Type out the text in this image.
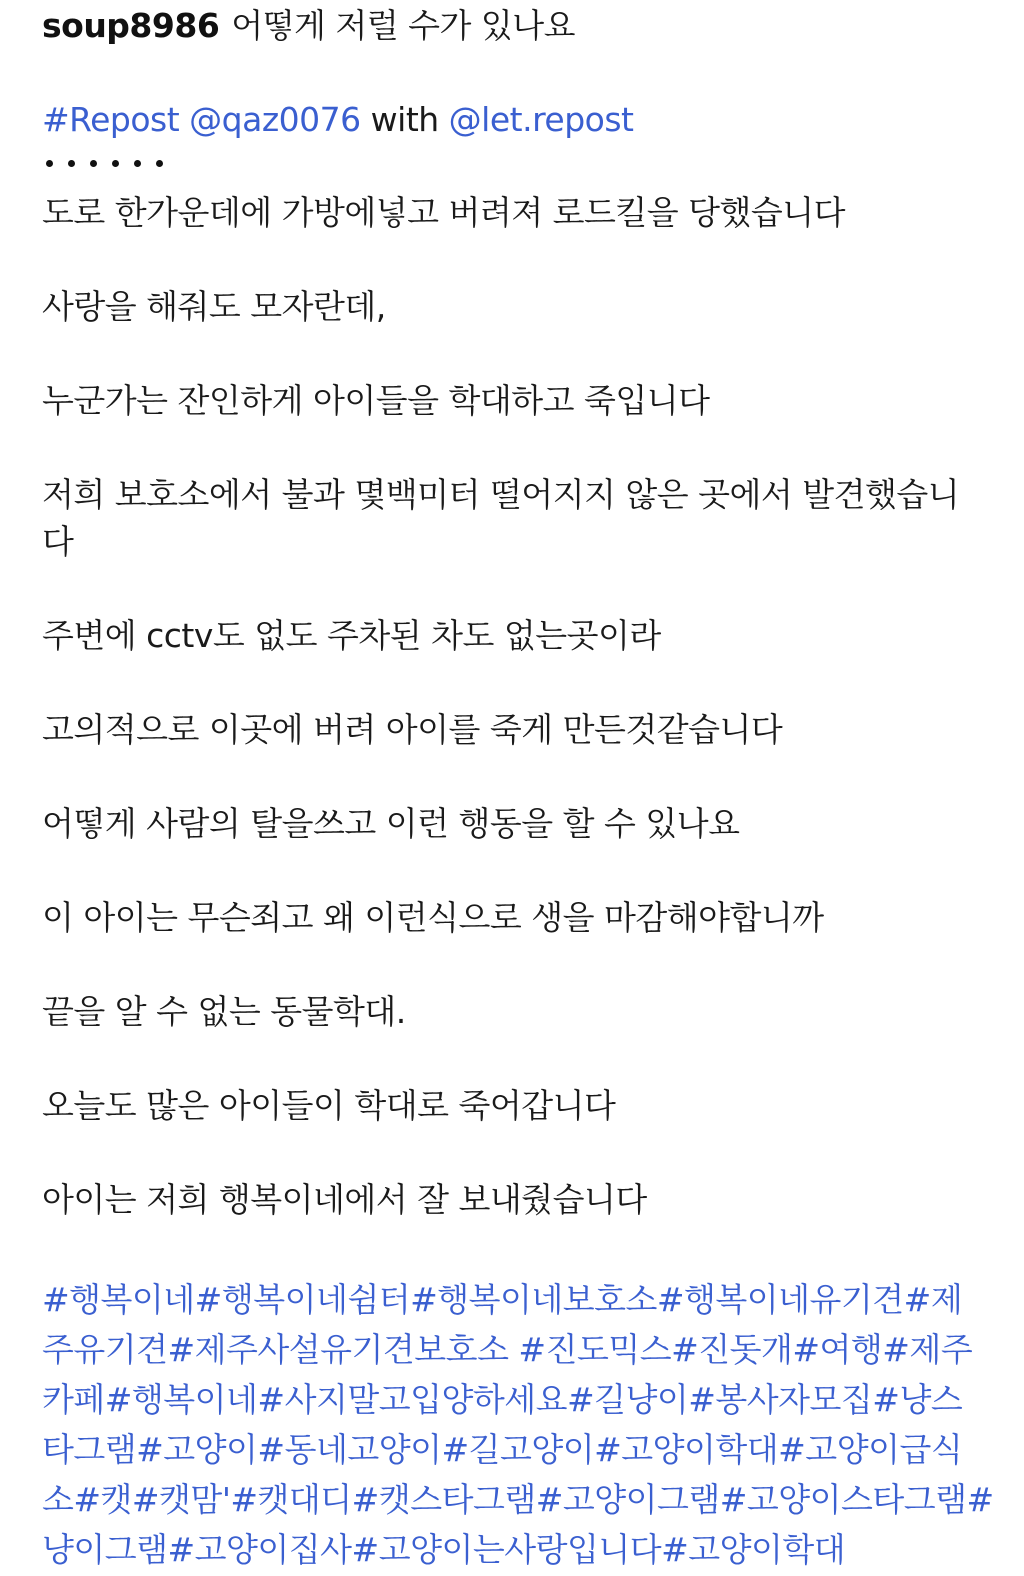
soup8986 어떻게 저럴 수가 있나요
#Repost @qaz0076 with @let.repost
도로 한가운데에 가방에넣고 버려져 로드킬을 당했습니다
사랑을 해줘도 모자란데,
누군가는 잔인하게 아이들을 학대하고 죽입니다
저희 보호소에서 불과 몇백미터 떨어지지 않은 곳에서 발견했습니
다
주변에 cctv도 없도 주차된 차도 없는곳이라
고의적으로 이곳에 버려 아이를 죽게 만든것같습니다
어떻게 사람의 탈을쓰고 이런 행동을 할 수 있나요
이 아이는 무슨죄고 왜 이런식으로 생을 마감해야합니까
끝을 알 수 없는 동물학대.
오늘도 많은 아이들이 학대로 죽어갑니다
아이는 저희 행복이네에서 잘 보내줬습니다
#행복이네#행복이네쉼터#행복이네보호소#행복이네유기견#제
주유기견#제주사설유기견보호소 #진도믹스#진돗개#여행#제주
카페#행복이네#사지말고입양하세요#길냥이#봉사자모집#냥스
타그램#고양이#동네고양이#길고양이#고양이학대#고양이급식
소#캣#캣맘'#캣대디#캣스타그램#고양이그램#고양이스타그램#
냥이그램#고양이집사#고양이는사랑입니다#고양이학대
